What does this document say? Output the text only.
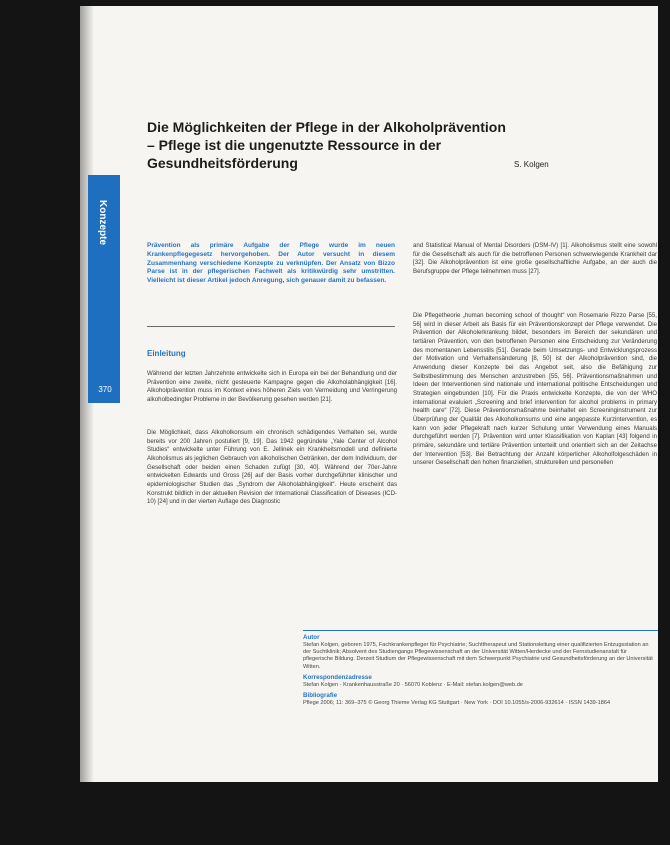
Konzepte
370
Die Möglichkeiten der Pflege in der Alkoholprävention – Pflege ist die ungenutzte Ressource in der Gesundheitsförderung	S. Kolgen

Prävention als primäre Aufgabe der Pflege wurde im neuen Krankenpflegegesetz hervorgehoben. Der Autor versucht in diesem Zusammenhang verschiedene Konzepte zu verknüpfen. Der Ansatz von Bizzo Parse ist in der pflegerischen Fachwelt als kritikwürdig sehr umstritten. Vielleicht ist dieser Artikel jedoch Anregung, sich genauer damit zu befassen.

Einleitung

Während der letzten Jahrzehnte entwickelte sich in Europa ein bei der Behandlung und der Prävention eine zweite, nicht gesteuerte Kampagne gegen die Alkoholabhängigkeit [16]. Alkoholprävention muss im Kontext eines höheren Ziels von Vermeidung und Verringerung alkoholbedingter Probleme in der Bevölkerung gesehen werden [21].

Die Möglichkeit, dass Alkoholkonsum ein chronisch schädigendes Verhalten sei, wurde bereits vor 200 Jahren postuliert [9, 19]. Das 1942 gegründete „Yale Center of Alcohol Studies“ entwickelte unter Führung von E. Jellinek ein Krankheitsmodell und definierte Alkoholismus als jeglichen Gebrauch von alkoholischen Getränken, der dem Individuum, der Gesellschaft oder beiden einen Schaden zufügt [30, 40]. Während der 70er-Jahre entwickelten Edwards und Gross [26] auf der Basis vorher durchgeführter klinischer und epidemiologischer Studien das „Syndrom der Alkoholabhängigkeit“. Heute erscheint das Konstrukt bildlich in der aktuellen Revision der International Classification of Diseases (ICD-10) [24] und in der vierten Auflage des Diagnostic

and Statistical Manual of Mental Disorders (DSM-IV) [1]. Alkoholismus stellt eine sowohl für die Gesellschaft als auch für die betroffenen Personen schwerwiegende Krankheit dar [32]. Die Alkoholprävention ist eine große gesellschaftliche Aufgabe, an der auch die Berufsgruppe der Pflege teilnehmen muss [27].

Die Pflegetheorie „human becoming school of thought“ von Rosemarie Rizzo Parse [55, 56] wird in dieser Arbeit als Basis für ein Präventionskonzept der Pflege verwendet. Die Prävention der Alkoholerkrankung bildet, besonders im Bereich der sekundären und tertiären Prävention, von den betroffenen Personen eine Entscheidung zur Veränderung des momentanen Lebensstils [51]. Gerade beim Umsetzungs- und Entwicklungsprozess der Motivation und Verhaltensänderung [8, 50] ist der Alkoholprävention sind, die Anwendung dieser Konzepte bei das Angebot seit, also die Befähigung zur Selbstbestimmung des Menschen anzustreben [55, 56]. Präventionsmaßnahmen und Ideen der Interventionen sind nationale und international politische Entscheidungen und Strategien eingebunden [10]. Für die Praxis entwickelte Konzepte, die von der WHO international evaluiert „Screening and brief intervention for alcohol problems in primary health care“ [72]. Diese Präventionsmaßnahme beinhaltet ein Screeninginstrument zur Überprüfung der Qualität des Alkoholkonsums und eine angepasste Kurzintervention, es kann von jeder Pflegekraft nach kurzer Schulung unter Verwendung eines Manuals durchgeführt werden [7]. Prävention wird unter Klassifikation von Kaplan [43] folgend in primäre, sekundäre und tertiäre Prävention unterteilt und orientiert sich an der Zeitachse der Intervention [53]. Bei Betrachtung der Anzahl körperlicher Alkoholfolgeschäden in unserer Gesellschaft den hohen finanziellen, strukturellen und personellen

Autor

Stefan Kolgen, geboren 1975, Fachkrankenpfleger für Psychiatrie; Suchttherapeut und Stationsleitung einer qualifizierten Entzugsstation an der Suchtklinik; Absolvent des Studiengangs Pflegewissenschaft an der Universität Witten/Herdecke und der Fernstudienanstalt für pflegerische Bildung. Derzeit Studium der Pflegewissenschaft mit dem Schwerpunkt Psychiatrie und Gesundheitsförderung an der Universität Witten.

Korrespondenzadresse

Stefan Kolgen · Krankenhausstraße 20 · 56070 Koblenz · E-Mail: stefan.kolgen@web.de

Bibliografie

Pflege 2006; 11: 369–375 © Georg Thieme Verlag KG Stuttgart · New York · DOI 10.1055/s-2006-932614 · ISSN 1439-1864
